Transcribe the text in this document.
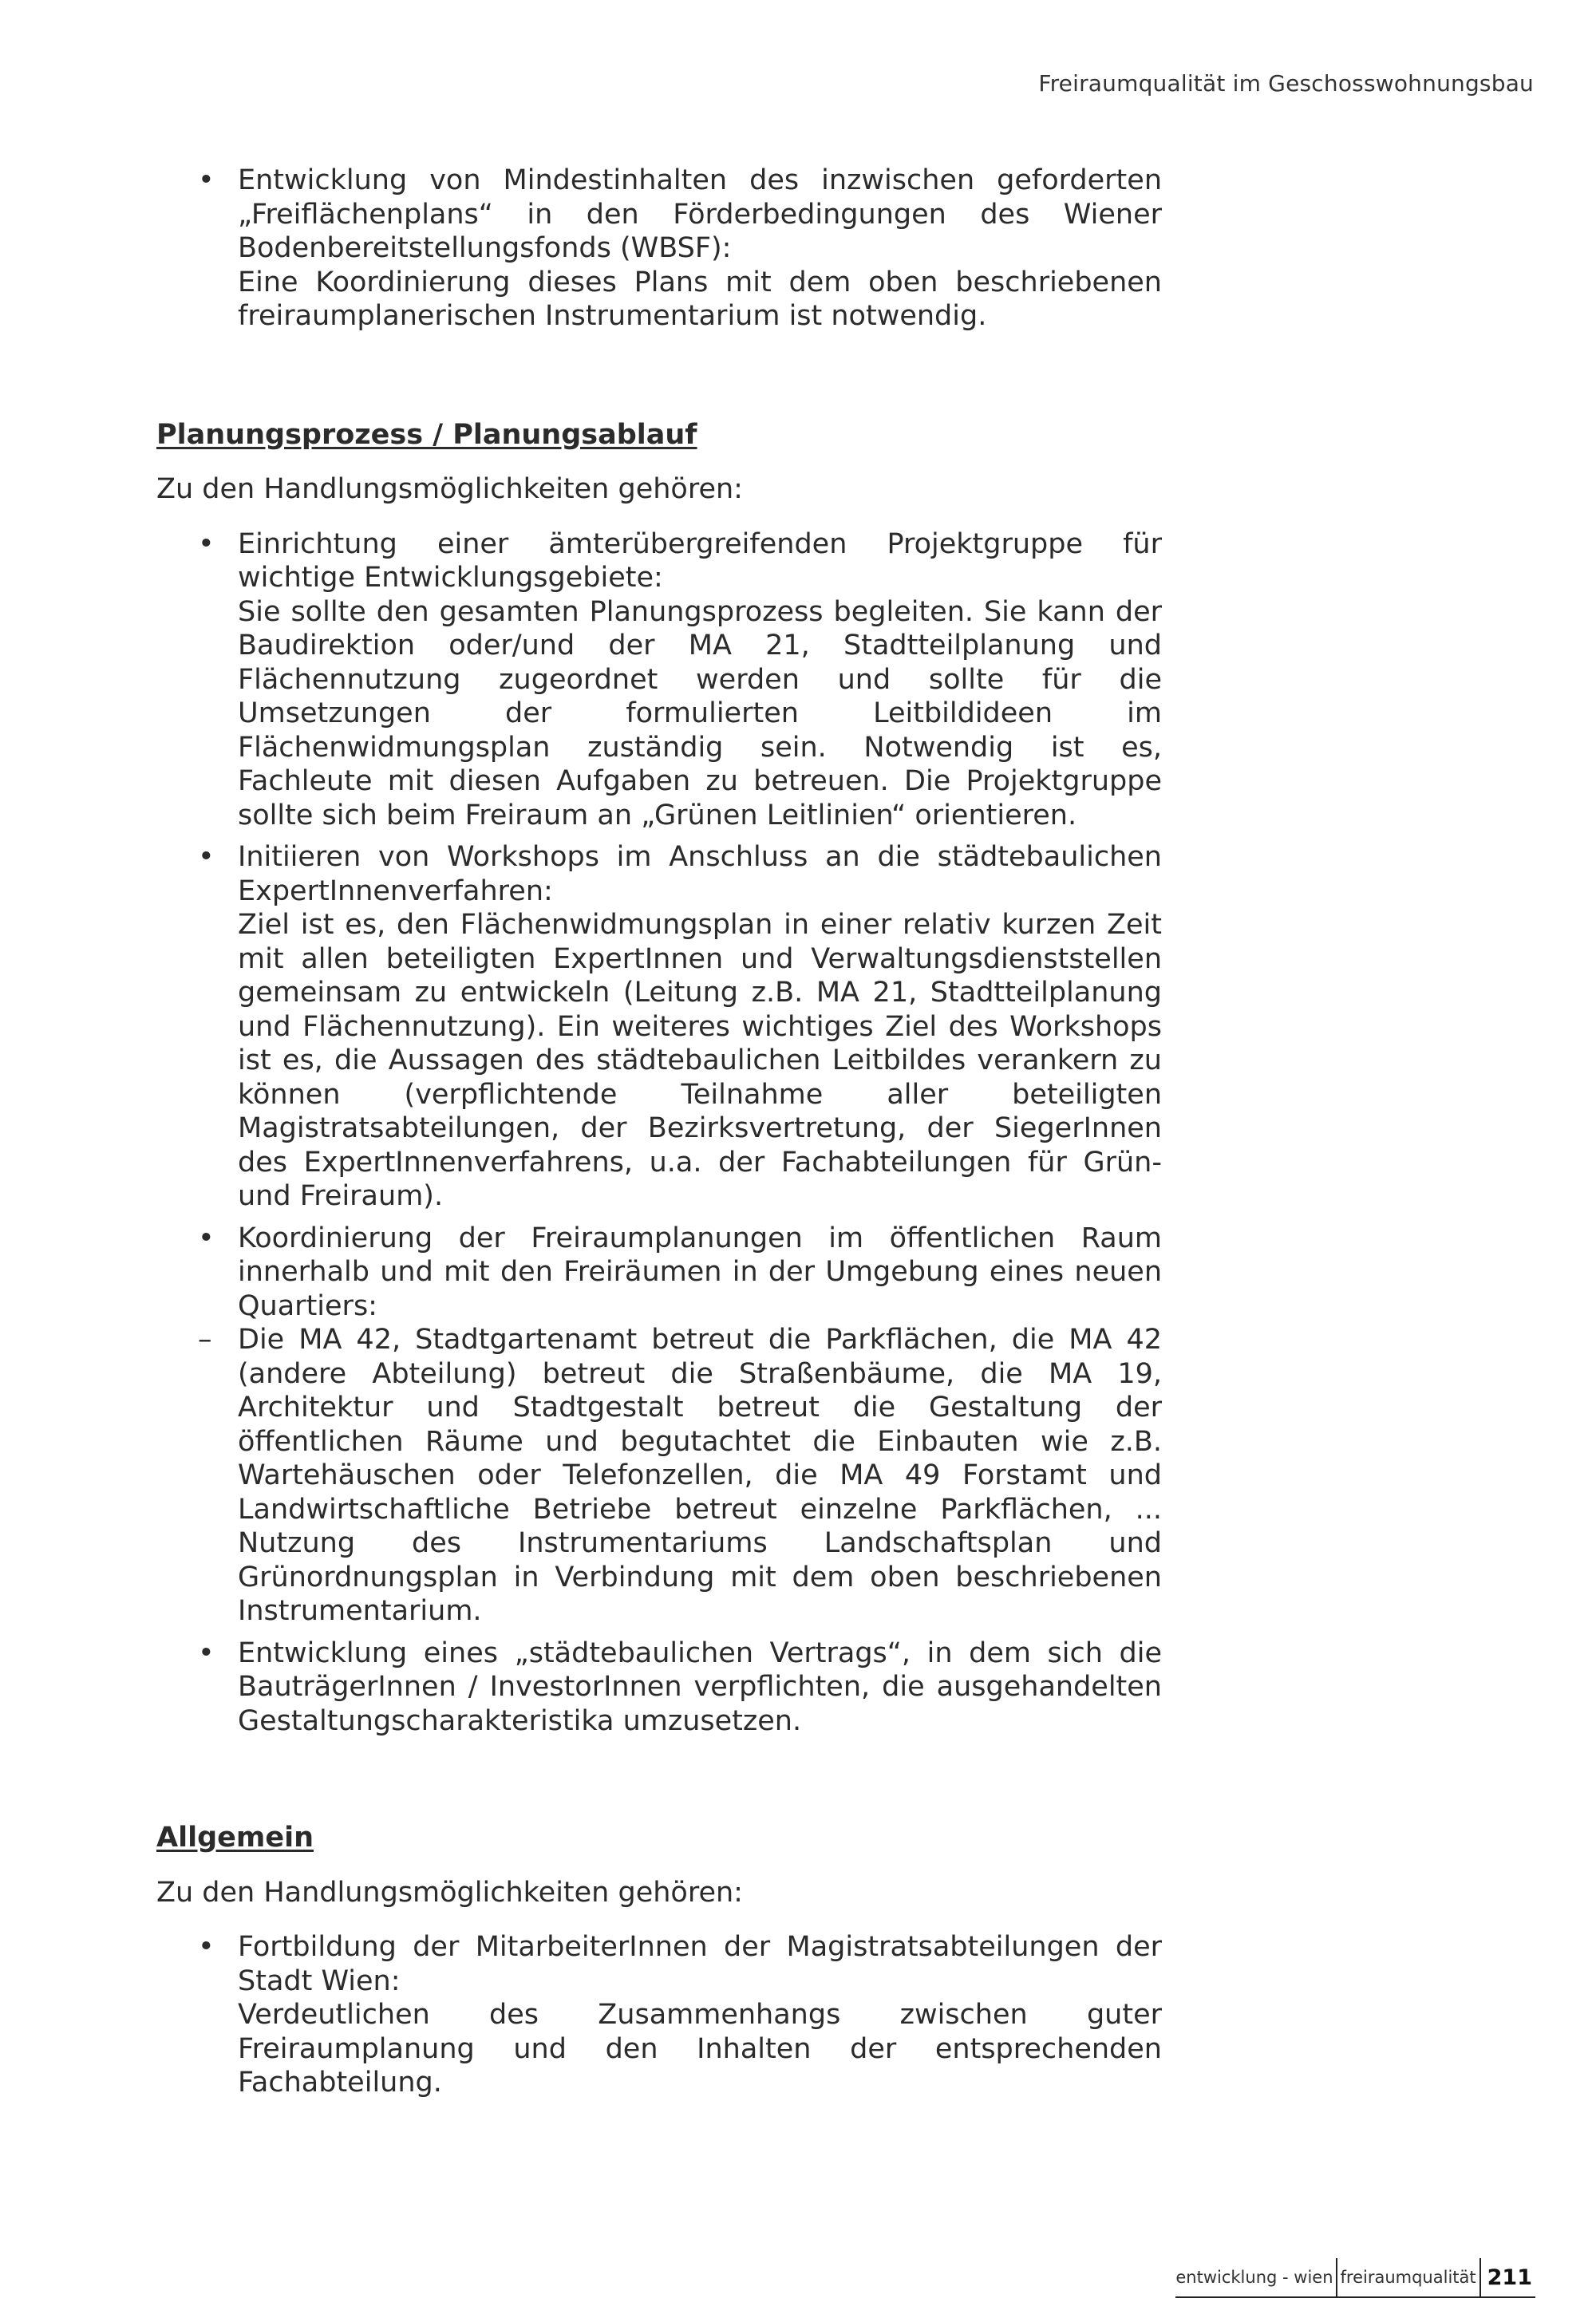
Freiraumqualität im Geschosswohnungsbau
• Entwicklung von Mindestinhalten des inzwischen geforderten „Freiflächenplans“ in den Förderbedingungen des Wiener Bodenbereitstellungsfonds (WBSF):

Eine Koordinierung dieses Plans mit dem oben beschriebenen freiraumplanerischen Instrumentarium ist notwendig.

Planungsprozess / Planungsablauf

Zu den Handlungsmöglichkeiten gehören:

• Einrichtung einer ämterübergreifenden Projektgruppe für wichtige Entwicklungsgebiete:

Sie sollte den gesamten Planungsprozess begleiten. Sie kann der Baudirektion oder/und der MA 21, Stadtteilplanung und Flächennutzung zugeordnet werden und sollte für die Umsetzungen der formulierten Leitbildideen im Flächenwidmungsplan zuständig sein. Notwendig ist es, Fachleute mit diesen Aufgaben zu betreuen. Die Projektgruppe sollte sich beim Freiraum an „Grünen Leitlinien“ orientieren.

• Initiieren von Workshops im Anschluss an die städtebaulichen ExpertInnenverfahren:

Ziel ist es, den Flächenwidmungsplan in einer relativ kurzen Zeit mit allen beteiligten ExpertInnen und Verwaltungsdienststellen gemeinsam zu entwickeln (Leitung z.B. MA 21, Stadtteilplanung und Flächennutzung). Ein weiteres wichtiges Ziel des Workshops ist es, die Aussagen des städtebaulichen Leitbildes verankern zu können (verpflichtende Teilnahme aller beteiligten Magistratsabteilungen, der Bezirksvertretung, der SiegerInnen des ExpertInnenverfahrens, u.a. der Fachabteilungen für Grün- und Freiraum).

• Koordinierung der Freiraumplanungen im öffentlichen Raum innerhalb und mit den Freiräumen in der Umgebung eines neuen Quartiers:

– Die MA 42, Stadtgartenamt betreut die Parkflächen, die MA 42 (andere Abteilung) betreut die Straßenbäume, die MA 19, Architektur und Stadtgestalt betreut die Gestaltung der öffentlichen Räume und begutachtet die Einbauten wie z.B. Wartehäuschen oder Telefonzellen, die MA 49 Forstamt und Landwirtschaftliche Betriebe betreut einzelne Parkflächen, ... Nutzung des Instrumentariums Landschaftsplan und Grünordnungsplan in Verbindung mit dem oben beschriebenen Instrumentarium.

• Entwicklung eines „städtebaulichen Vertrags“, in dem sich die BauträgerInnen / InvestorInnen verpflichten, die ausgehandelten Gestaltungscharakteristika umzusetzen.

Allgemein

Zu den Handlungsmöglichkeiten gehören:

• Fortbildung der MitarbeiterInnen der Magistratsabteilungen der Stadt Wien:

Verdeutlichen des Zusammenhangs zwischen guter Freiraumplanung und den Inhalten der entsprechenden Fachabteilung.

entwicklung - wien freiraumqualität 211
